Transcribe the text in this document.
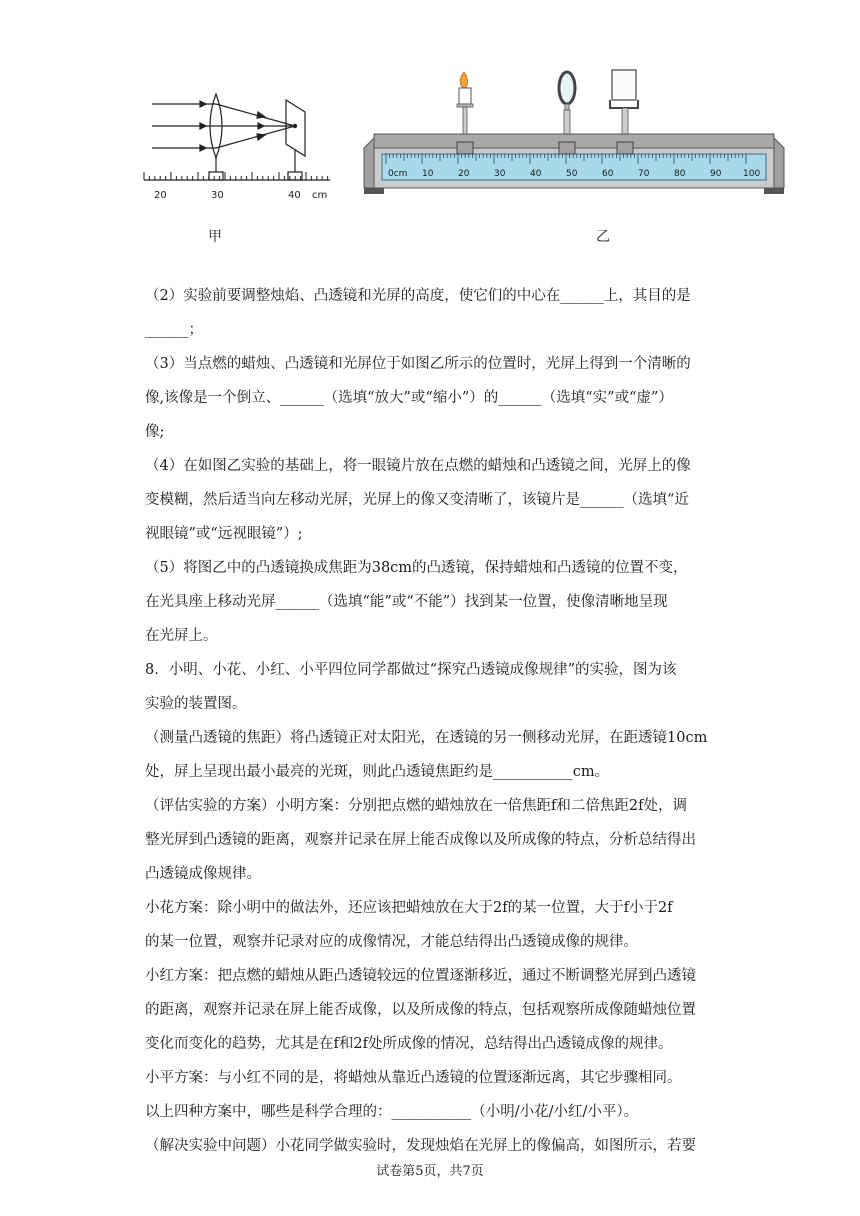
20	30	40 cm
甲
0cm 10	20	30	40	50	60	70	80	90 100
乙
（2）实验前要调整烛焰、凸透镜和光屏的高度，使它们的中心在______上，其目的是
______；
（3）当点燃的蜡烛、凸透镜和光屏位于如图乙所示的位置时，光屏上得到一个清晰的
像,该像是一个倒立、______（选填“放大”或“缩小”）的______（选填“实”或“虚”）
像;
（4）在如图乙实验的基础上，将一眼镜片放在点燃的蜡烛和凸透镜之间，光屏上的像
变模糊，然后适当向左移动光屏，光屏上的像又变清晰了，该镜片是______（选填“近
视眼镜”或“远视眼镜”）;
（5）将图乙中的凸透镜换成焦距为38cm的凸透镜，保持蜡烛和凸透镜的位置不变，
在光具座上移动光屏______（选填“能”或“不能”）找到某一位置，使像清晰地呈现
在光屏上。
8．小明、小花、小红、小平四位同学都做过“探究凸透镜成像规律”的实验，图为该
实验的装置图。
（测量凸透镜的焦距）将凸透镜正对太阳光，在透镜的另一侧移动光屏，在距透镜10cm
处，屏上呈现出最小最亮的光斑，则此凸透镜焦距约是___________cm。
（评估实验的方案）小明方案：分别把点燃的蜡烛放在一倍焦距f和二倍焦距2f处，调
整光屏到凸透镜的距离，观察并记录在屏上能否成像以及所成像的特点，分析总结得出
凸透镜成像规律。
小花方案：除小明中的做法外，还应该把蜡烛放在大于2f的某一位置，大于f小于2f
的某一位置，观察并记录对应的成像情况，才能总结得出凸透镜成像的规律。
小红方案：把点燃的蜡烛从距凸透镜较远的位置逐渐移近，通过不断调整光屏到凸透镜
的距离，观察并记录在屏上能否成像，以及所成像的特点，包括观察所成像随蜡烛位置
变化而变化的趋势，尤其是在f和2f处所成像的情况，总结得出凸透镜成像的规律。
小平方案：与小红不同的是，将蜡烛从靠近凸透镜的位置逐渐远离，其它步骤相同。
以上四种方案中，哪些是科学合理的：___________（小明/小花/小红/小平）。
（解决实验中问题）小花同学做实验时，发现烛焰在光屏上的像偏高，如图所示，若要
试卷第5页，共7页
